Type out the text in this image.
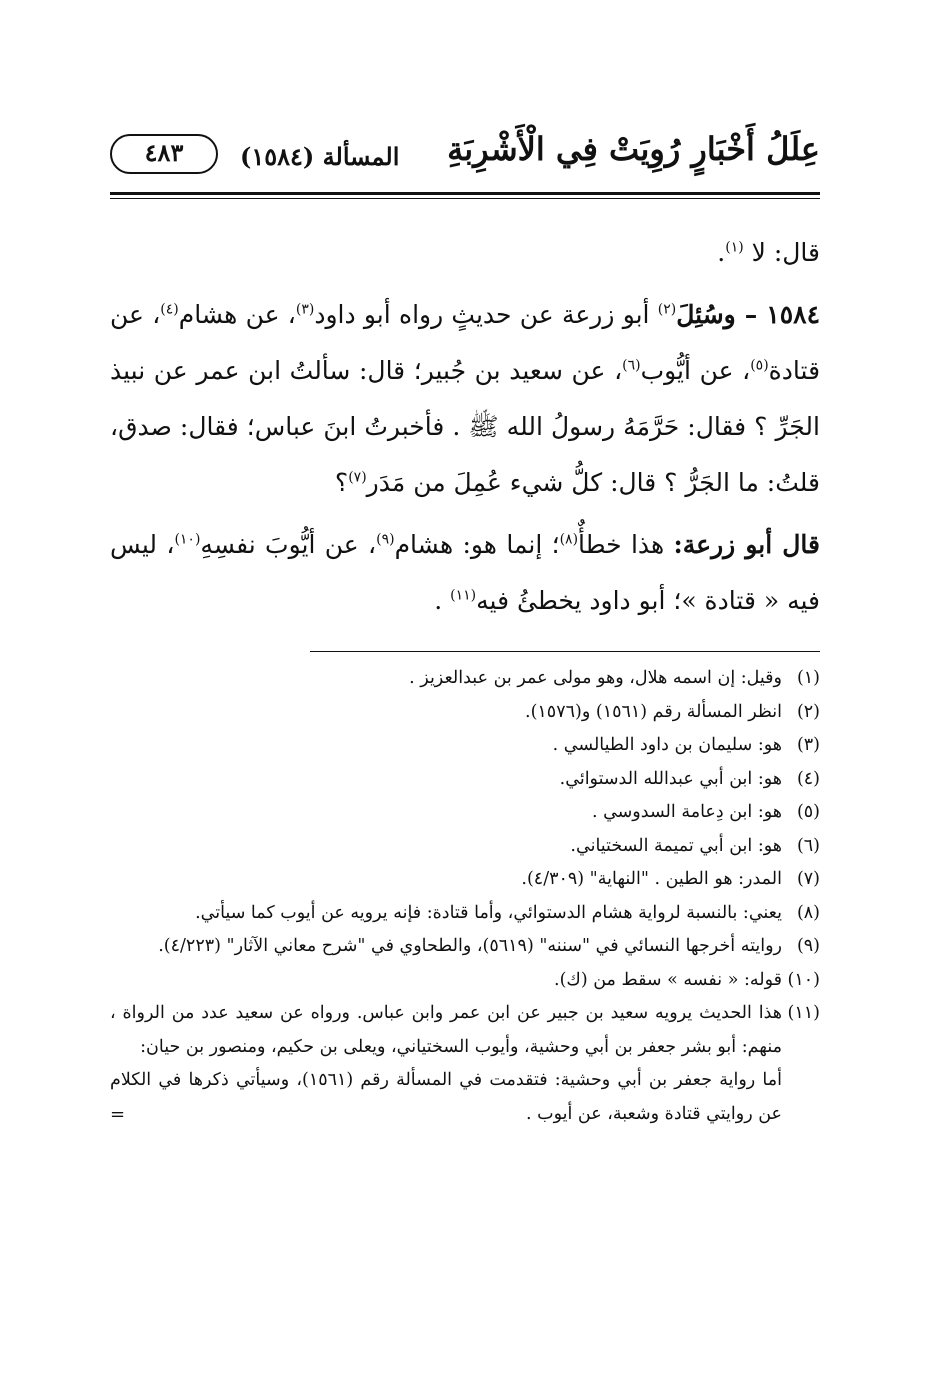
عِلَلُ أَخْبَارٍ رُوِيَتْ فِي الْأَشْرِبَةِ
المسألة (١٥٨٤)
٤٨٣

قال: لا $^{(١)}$.

١٥٨٤ – وسُئِلَ$^{(٢)}$ أبو زرعة عن حديثٍ رواه أبو داود$^{(٣)}$، عن هشام$^{(٤)}$، عن قتادة$^{(٥)}$، عن أيُّوب$^{(٦)}$، عن سعيد بن جُبير؛ قال: سألتُ ابن عمر عن نبيذ الجَرِّ ؟ فقال: حَرَّمَهُ رسولُ الله ﷺ . فأخبرتُ ابنَ عباس؛ فقال: صدق، قلتُ: ما الجَرُّ ؟ قال: كلُّ شيء عُمِلَ من مَدَر$^{(٧)}$؟

قال أبو زرعة: هذا خطأٌ$^{(٨)}$؛ إنما هو: هشام$^{(٩)}$، عن أيُّوبَ نفسِهِ$^{(١٠)}$، ليس فيه « قتادة »؛ أبو داود يخطئُ فيه$^{(١١)}$ .

(١)
وقيل: إن اسمه هلال، وهو مولى عمر بن عبدالعزيز .
(٢)
انظر المسألة رقم (١٥٦١) و(١٥٧٦).
(٣)
هو: سليمان بن داود الطيالسي .
(٤)
هو: ابن أبي عبدالله الدستوائي.
(٥)
هو: ابن دِعامة السدوسي .
(٦)
هو: ابن أبي تميمة السختياني.
(٧)
المدر: هو الطين . "النهاية" (٤/٣٠٩).
(٨)
يعني: بالنسبة لرواية هشام الدستوائي، وأما قتادة: فإنه يرويه عن أيوب كما سيأتي.
(٩)
روايته أخرجها النسائي في "سننه" (٥٦١٩)، والطحاوي في "شرح معاني الآثار" (٤/٢٢٣).
(١٠)
قوله: « نفسه » سقط من (ك).
(١١)
هذا الحديث يرويه سعيد بن جبير عن ابن عمر وابن عباس. ورواه عن سعيد عدد من الرواة ، منهم: أبو بشر جعفر بن أبي وحشية، وأيوب السختياني، ويعلى بن حكيم، ومنصور بن حيان:
أما رواية جعفر بن أبي وحشية: فتقدمت في المسألة رقم (١٥٦١)، وسيأتي ذكرها في الكلام عن روايتي قتادة وشعبة، عن أيوب .
=
